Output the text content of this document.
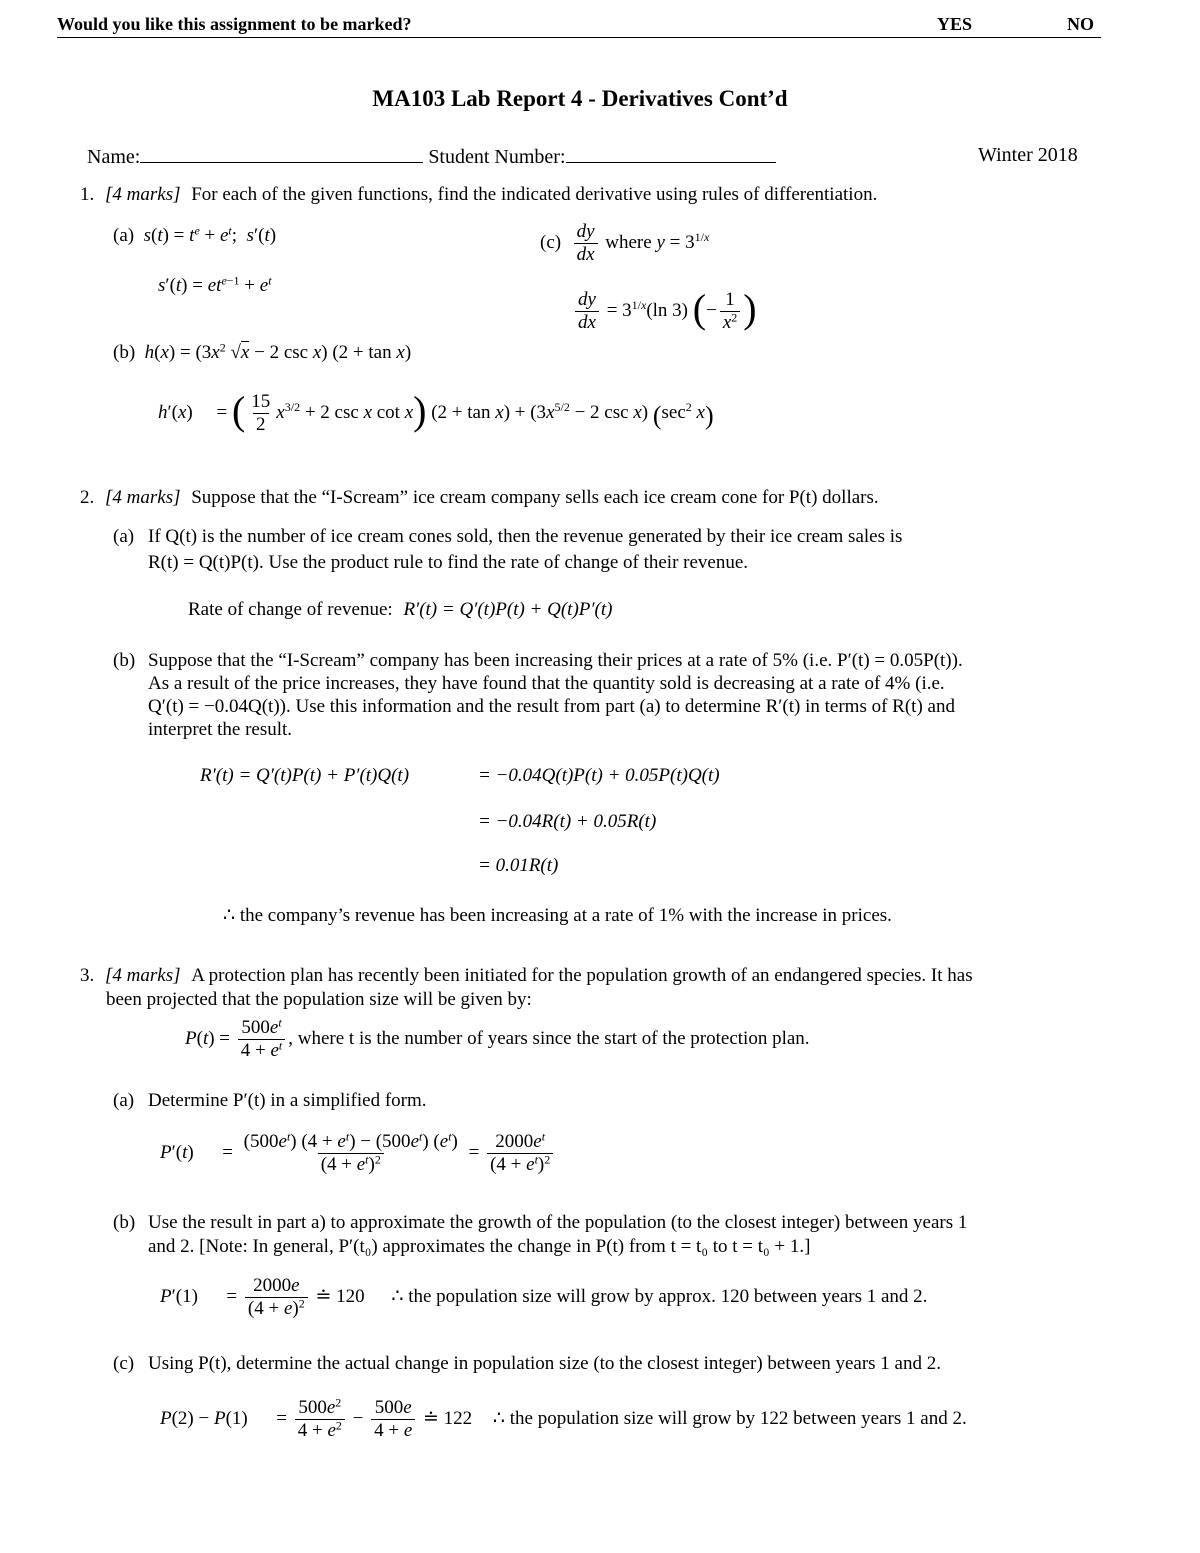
Would you like this assignment to be marked?	YES	NO
MA103 Lab Report 4 - Derivatives Cont’d
Name:	Student Number:	Winter 2018
1. [4 marks] For each of the given functions, find the indicated derivative using rules of differentiation.
(a)  $s(t) = t^e + e^t$;  s′(t)
$s'(t) = et^{e-1} + e^t$
$(c) \frac{dy}{dx}$ where $y = 3^{1/x}$
$\frac{dy}{dx} = 3^{1/x}(\ln$ 3) (− $\frac{1}{x^2}$ )
(b)  $h(x) = (3x^2$ √x − 2 csc x) (2 + tan x)
h′(x)     = ( $\frac{15}{2} x^{3/2} + 2$ csc x cot x) $(2 + \tan x) + (3x^{5/2} - 2$ csc x) ($\sec^2$ x)
2. [4 marks] Suppose that the “I-Scream” ice cream company sells each ice cream cone for P(t) dollars.
(a) If Q(t) is the number of ice cream cones sold, then the revenue generated by their ice cream sales is
R(t) = Q(t)P(t). Use the product rule to find the rate of change of their revenue.
Rate of change of revenue: R′(t) = Q′(t)P(t) + Q(t)P′(t)
(b) Suppose that the “I-Scream” company has been increasing their prices at a rate of 5% (i.e. P′(t) = 0.05P(t)).
As a result of the price increases, they have found that the quantity sold is decreasing at a rate of 4% (i.e.
Q′(t) = −0.04Q(t)). Use this information and the result from part (a) to determine R′(t) in terms of R(t) and
interpret the result.
R′(t) = Q′(t)P(t) + P′(t)Q(t)	= −0.04Q(t)P(t) + 0.05P(t)Q(t)
= −0.04R(t) + 0.05R(t)
= 0.01R(t)
∴ the company’s revenue has been increasing at a rate of 1% with the increase in prices.
3. [4 marks] A protection plan has recently been initiated for the population growth of an endangered species. It has
been projected that the population size will be given by:
$P(t) = \frac{500e^t}{4 + e^t}$ , where t is the number of years since the start of the protection plan.
(a) Determine P′(t) in a simplified form.
P′(t)      = $\frac{(500e^t) (4 + e^t) - (500e^t) (e^t)}{(4 + e^t)^2} = \frac{2000e^t}{(4 + e^t)^2}$
(b) Use the result in part a) to approximate the growth of the population (to the closest integer) between years 1
and 2. [Note: In general, P′(t₀) approximates the change in P(t) from t = t₀ to t = t₀ + 1.]
P′(1)      = $\frac{2000e}{(4 + e)^2}$ ≐ 120 ∴ the population size will grow by approx. 120 between years 1 and 2.
(c) Using P(t), determine the actual change in population size (to the closest integer) between years 1 and 2.
P(2) − P(1)      = $\frac{500e^2}{4 + e^2} - \frac{500e}{4 + e}$ ≐ 122 ∴ the population size will grow by 122 between years 1 and 2.
